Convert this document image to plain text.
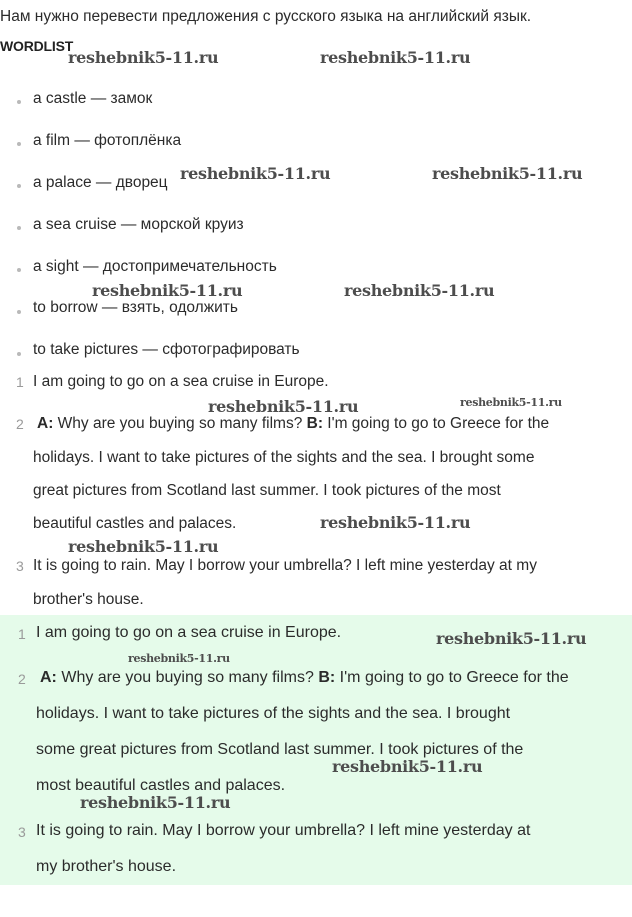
Нам нужно перевести предложения с русского языка на английский язык.
WORDLIST
a castle — замок
a film — фотоплёнка
a palace — дворец
a sea cruise — морской круиз
a sight — достопримечательность
to borrow — взять, одолжить
to take pictures — сфотографировать
1 I am going to go on a sea cruise in Europe.
2 A: Why are you buying so many films? B: I'm going to go to Greece for the
holidays. I want to take pictures of the sights and the sea. I brought some
great pictures from Scotland last summer. I took pictures of the most
beautiful castles and palaces.
3 It is going to rain. May I borrow your umbrella? I left mine yesterday at my
brother's house.
1 I am going to go on a sea cruise in Europe.
2 A: Why are you buying so many films? B: I'm going to go to Greece for the
holidays. I want to take pictures of the sights and the sea. I brought
some great pictures from Scotland last summer. I took pictures of the
most beautiful castles and palaces.
3 It is going to rain. May I borrow your umbrella? I left mine yesterday at
my brother's house.
reshebnik5-11.ru	reshebnik5-11.ru
reshebnik5-11.ru	reshebnik5-11.ru
reshebnik5-11.ru	reshebnik5-11.ru
reshebnik5-11.ru	reshebnik5-11.ru
reshebnik5-11.ru
reshebnik5-11.ru
reshebnik5-11.ru
reshebnik5-11.ru
reshebnik5-11.ru
reshebnik5-11.ru
